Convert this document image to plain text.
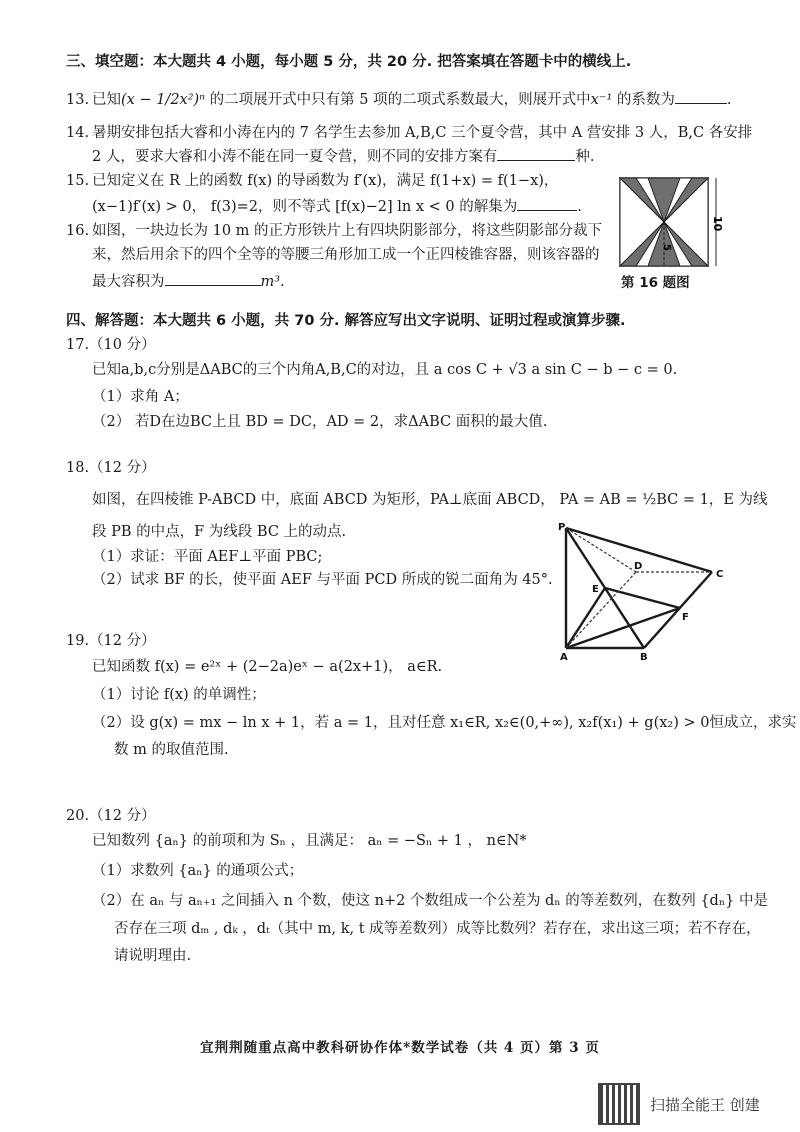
三、填空题：本大题共 4 小题，每小题 5 分，共 20 分. 把答案填在答题卡中的横线上.
13. 已知(x − 1/2x²)ⁿ 的二项展开式中只有第 5 项的二项式系数最大，则展开式中x⁻¹ 的系数为	.
14. 暑期安排包括大睿和小涛在内的 7 名学生去参加 A,B,C 三个夏令营，其中 A 营安排 3 人，B,C 各安排
2 人，要求大睿和小涛不能在同一夏令营，则不同的安排方案有	种.
15. 已知定义在 R 上的函数 f(x) 的导函数为 f′(x)，满足 f(1+x) = f(1−x)，
(x−1)f′(x) > 0， f(3)=2，则不等式 [f(x)−2] ln x < 0 的解集为	.
16. 如图，一块边长为 10 m 的正方形铁片上有四块阴影部分，将这些阴影部分裁下
来，然后用余下的四个全等的等腰三角形加工成一个正四棱锥容器，则该容器的
最大容积为	m³.
5
10
第 16 题图
四、解答题：本大题共 6 小题，共 70 分. 解答应写出文字说明、证明过程或演算步骤.
17.（10 分）
已知a,b,c分别是ΔABC的三个内角A,B,C的对边，且 a cos C + √3 a sin C − b − c = 0.
（1）求角 A；
（2） 若D在边BC上且 BD = DC，AD = 2，求ΔABC 面积的最大值.
18.（12 分）
如图，在四棱锥 P-ABCD 中，底面 ABCD 为矩形，PA⊥底面 ABCD， PA = AB = ½BC = 1，E 为线
段 PB 的中点，F 为线段 BC 上的动点.
（1）求证：平面 AEF⊥平面 PBC;
（2）试求 BF 的长，使平面 AEF 与平面 PCD 所成的锐二面角为 45°.
P
D
C
E
F
A	B
19.（12 分）
已知函数 f(x) = e²ˣ + (2−2a)eˣ − a(2x+1)， a∈R.
（1）讨论 f(x) 的单调性；
（2）设 g(x) = mx − ln x + 1，若 a = 1，且对任意 x₁∈R, x₂∈(0,+∞), x₂f(x₁) + g(x₂) > 0恒成立，求实
数 m 的取值范围.
20.（12 分）
已知数列 {aₙ} 的前项和为 Sₙ ，且满足： aₙ = −Sₙ + 1 ， n∈N*
（1）求数列 {aₙ} 的通项公式；
（2）在 aₙ 与 aₙ₊₁ 之间插入 n 个数，使这 n+2 个数组成一个公差为 dₙ 的等差数列，在数列 {dₙ} 中是
否存在三项 dₘ , dₖ ，dₜ（其中 m, k, t 成等差数列）成等比数列？若存在，求出这三项；若不存在，
请说明理由.
宜荆荆随重点高中教科研协作体*数学试卷（共 4 页）第 3 页
扫描全能王 创建
